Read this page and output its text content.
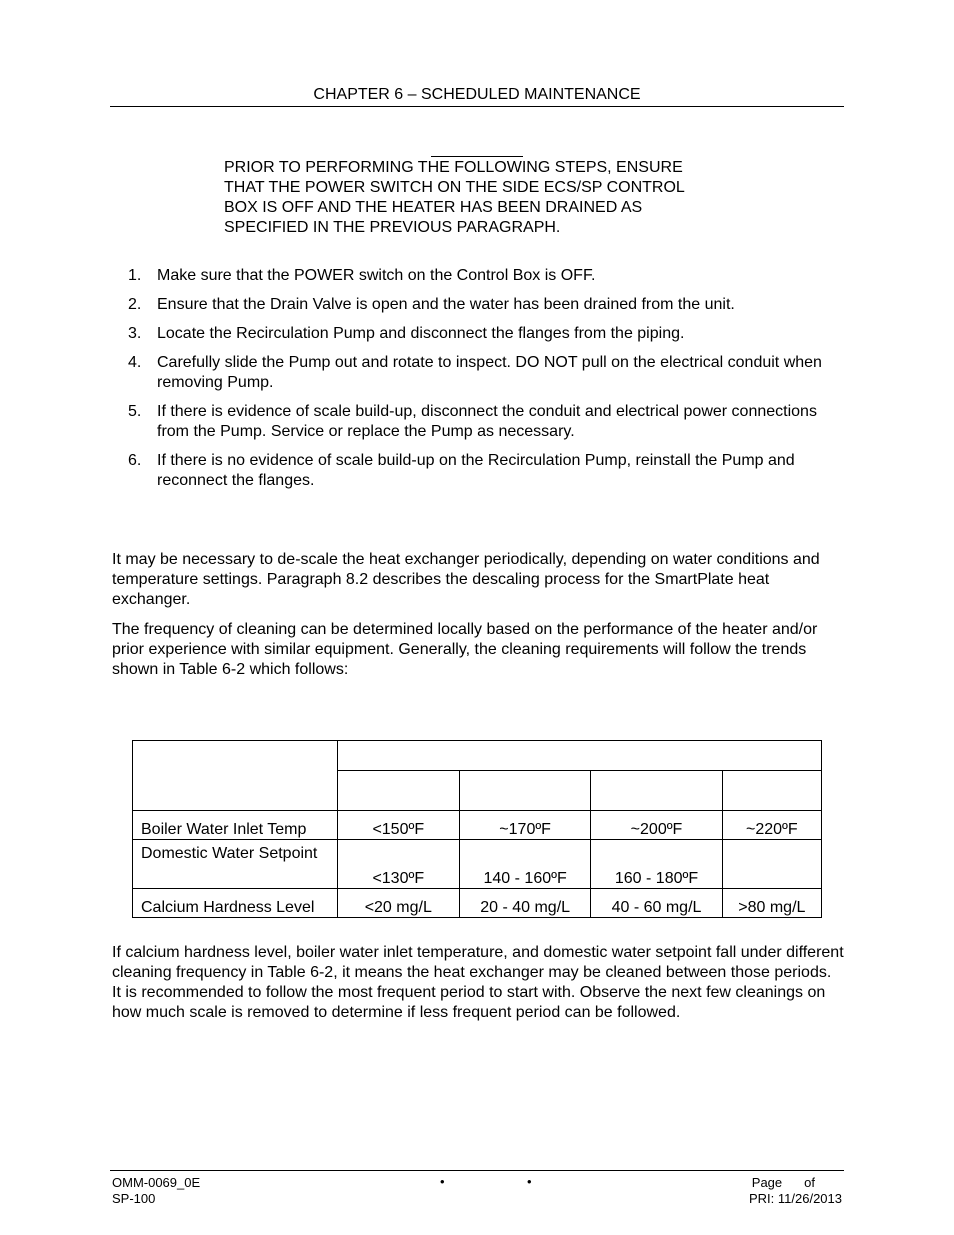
CHAPTER 6 – SCHEDULED MAINTENANCE
PRIOR TO PERFORMING THE FOLLOWING STEPS, ENSURE
THAT THE POWER SWITCH ON THE SIDE ECS/SP CONTROL
BOX IS OFF AND THE HEATER HAS BEEN DRAINED AS
SPECIFIED IN THE PREVIOUS PARAGRAPH.
1. Make sure that the POWER switch on the Control Box is OFF.
2. Ensure that the Drain Valve is open and the water has been drained from the unit.
3. Locate the Recirculation Pump and disconnect the flanges from the piping.
4. Carefully slide the Pump out and rotate to inspect. DO NOT pull on the electrical conduit when removing Pump.
5. If there is evidence of scale build-up, disconnect the conduit and electrical power connections from the Pump. Service or replace the Pump as necessary.
6. If there is no evidence of scale build-up on the Recirculation Pump, reinstall the Pump and reconnect the flanges.
It may be necessary to de-scale the heat exchanger periodically, depending on water conditions and temperature settings. Paragraph 8.2 describes the descaling process for the SmartPlate heat exchanger.
The frequency of cleaning can be determined locally based on the performance of the heater and/or prior experience with similar equipment. Generally, the cleaning requirements will follow the trends shown in Table 6-2 which follows:

Boiler Water Inlet Temp	<150ºF	~170ºF	~200ºF	~220ºF
Domestic Water Setpoint	<130ºF	140 - 160ºF	160 - 180ºF	
Calcium Hardness Level	<20 mg/L	20 - 40 mg/L	40 - 60 mg/L	>80 mg/L
If calcium hardness level, boiler water inlet temperature, and domestic water setpoint fall under different cleaning frequency in Table 6-2, it means the heat exchanger may be cleaned between those periods. It is recommended to follow the most frequent period to start with. Observe the next few cleanings on how much scale is removed to determine if less frequent period can be followed.
OMM-0069_0E
SP-100
•	•	Page of
PRI: 11/26/2013
